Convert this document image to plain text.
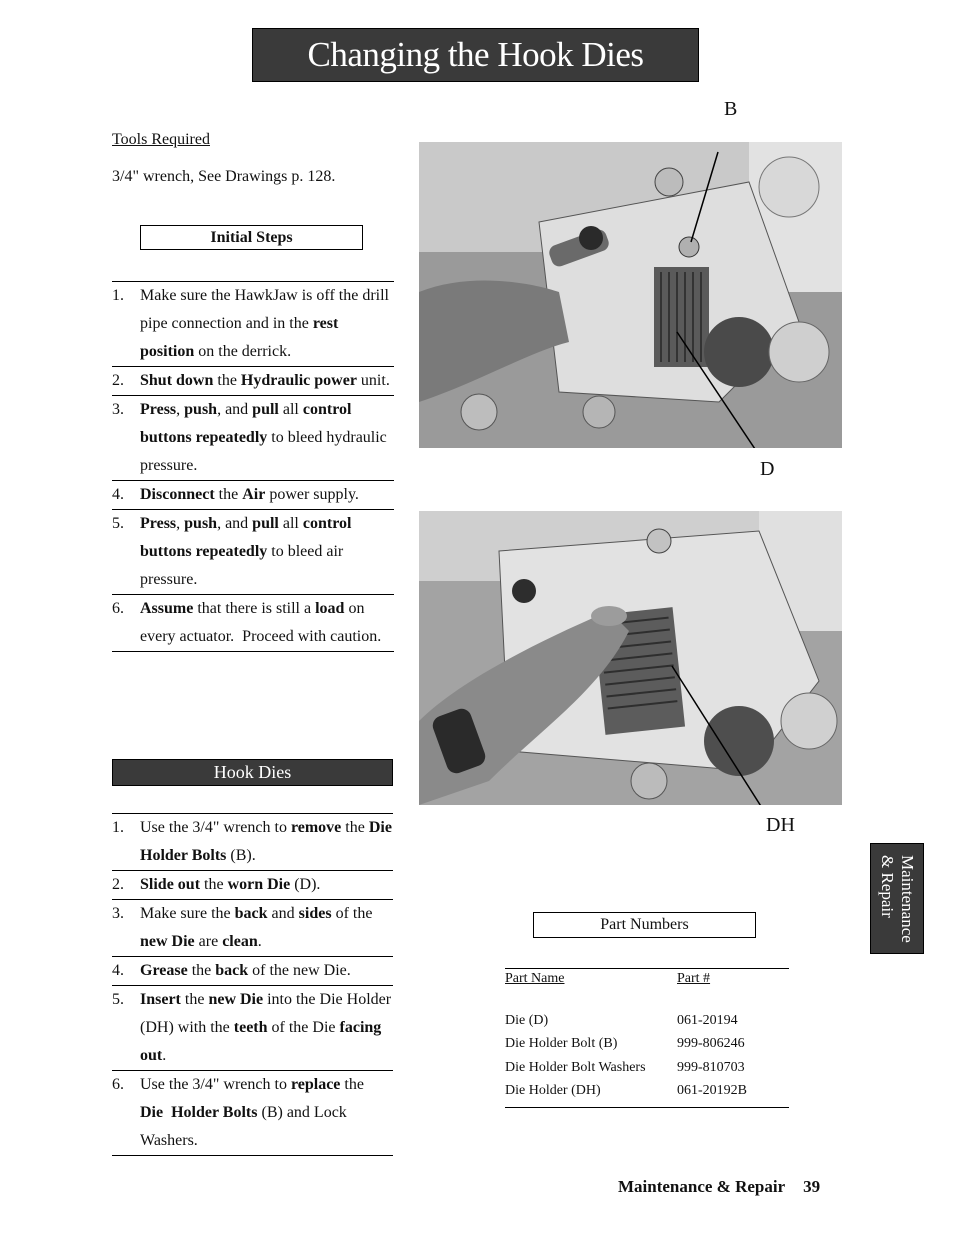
Changing the Hook Dies
Tools Required
3/4" wrench, See Drawings p. 128.
Initial Steps
1.	Make sure the HawkJaw is off the drill pipe connection and in the rest position on the derrick.
2.	Shut down the Hydraulic power unit.
3.	Press, push, and pull all control buttons repeatedly to bleed hydraulic pressure.
4.	Disconnect the Air power supply.
5.	Press, push, and pull all control buttons repeatedly to bleed air pressure.
6.	Assume that there is still a load on every actuator.  Proceed with caution.
Hook Dies
1.	Use the 3/4" wrench to remove the Die Holder Bolts (B).
2.	Slide out the worn Die (D).
3.	Make sure the back and sides of the new Die are clean.
4.	Grease the back of the new Die.
5.	Insert the new Die into the Die Holder (DH) with the teeth of the Die facing out.
6.	Use the 3/4" wrench to replace the Die  Holder Bolts (B) and Lock Washers.
B
D
DH
Part Numbers
Part Name	Part #
Die (D)	061-20194
Die Holder Bolt (B)	999-806246
Die Holder Bolt Washers	999-810703
Die Holder (DH)	061-20192B
Maintenance
& Repair
Maintenance & Repair 39
